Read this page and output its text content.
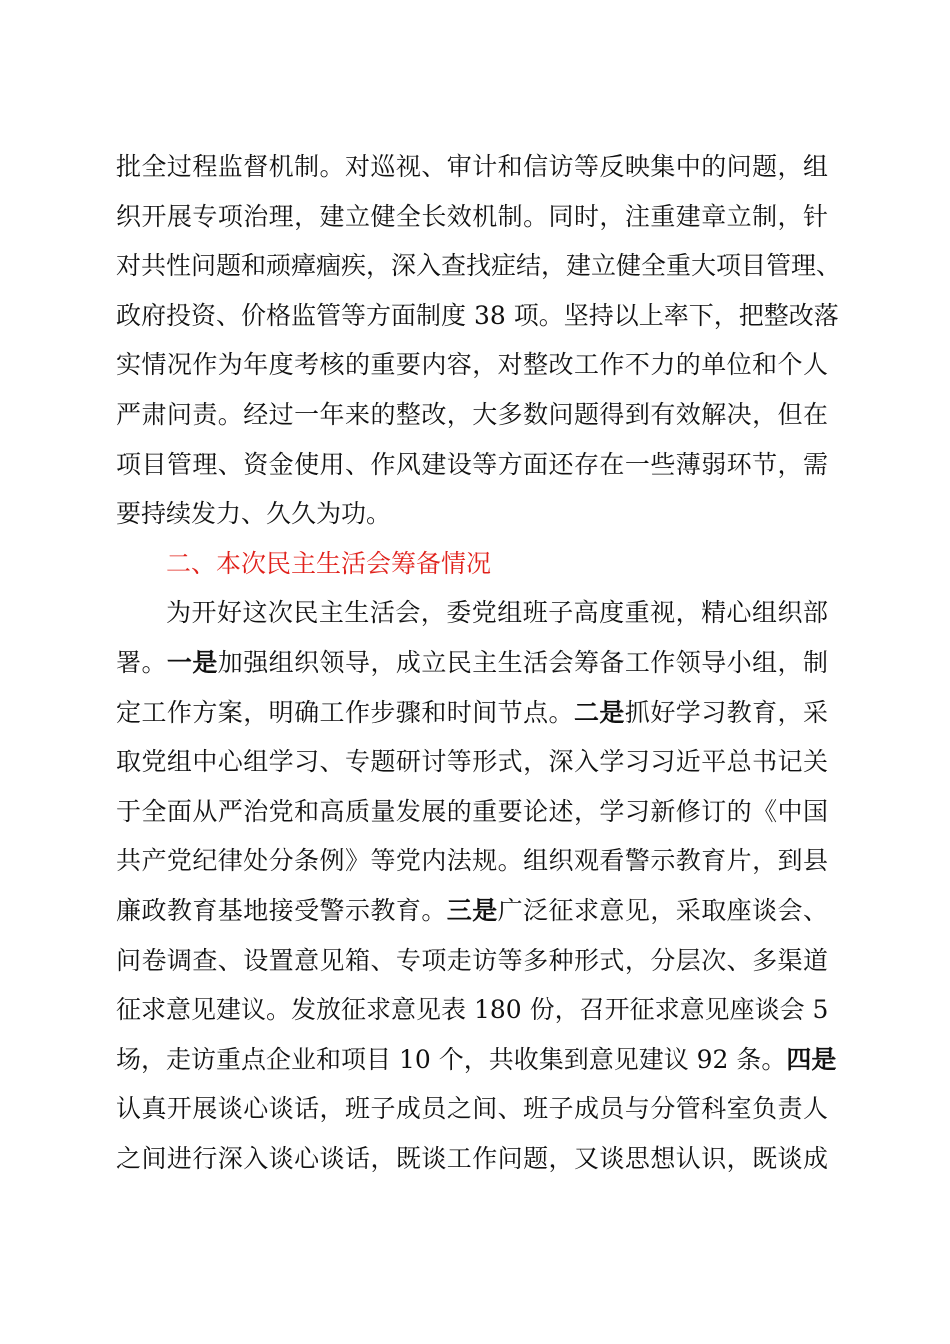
批全过程监督机制。对巡视、审计和信访等反映集中的问题，组
织开展专项治理，建立健全长效机制。同时，注重建章立制，针
对共性问题和顽瘴痼疾，深入查找症结，建立健全重大项目管理、
政府投资、价格监管等方面制度 38 项。坚持以上率下，把整改落
实情况作为年度考核的重要内容，对整改工作不力的单位和个人
严肃问责。经过一年来的整改，大多数问题得到有效解决，但在
项目管理、资金使用、作风建设等方面还存在一些薄弱环节，需
要持续发力、久久为功。
二、本次民主生活会筹备情况
为开好这次民主生活会，委党组班子高度重视，精心组织部
署。一是加强组织领导，成立民主生活会筹备工作领导小组，制
定工作方案，明确工作步骤和时间节点。二是抓好学习教育，采
取党组中心组学习、专题研讨等形式，深入学习习近平总书记关
于全面从严治党和高质量发展的重要论述，学习新修订的《中国
共产党纪律处分条例》等党内法规。组织观看警示教育片，到县
廉政教育基地接受警示教育。三是广泛征求意见，采取座谈会、
问卷调查、设置意见箱、专项走访等多种形式，分层次、多渠道
征求意见建议。发放征求意见表 180 份，召开征求意见座谈会 5
场，走访重点企业和项目 10 个，共收集到意见建议 92 条。四是
认真开展谈心谈话，班子成员之间、班子成员与分管科室负责人
之间进行深入谈心谈话，既谈工作问题，又谈思想认识，既谈成
